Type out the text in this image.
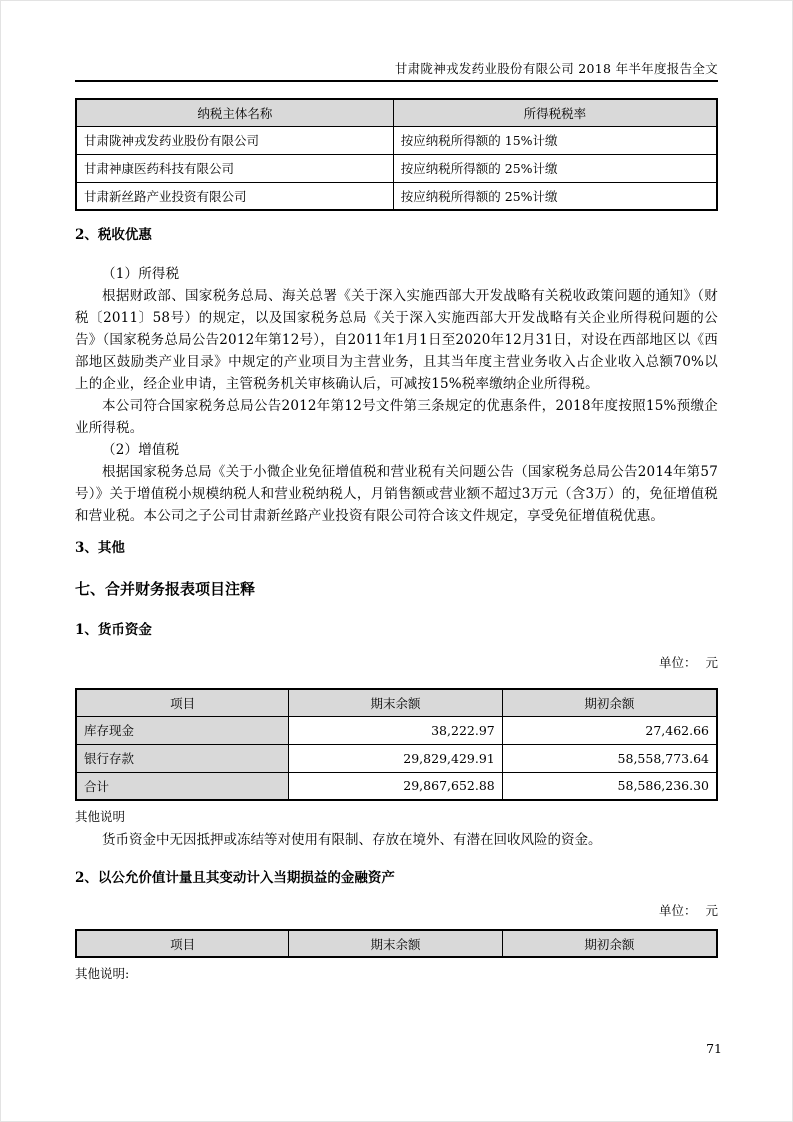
甘肃陇神戎发药业股份有限公司 2018 年半年度报告全文
纳税主体名称	所得税税率
甘肃陇神戎发药业股份有限公司	按应纳税所得额的 15%计缴
甘肃神康医药科技有限公司	按应纳税所得额的 25%计缴
甘肃新丝路产业投资有限公司	按应纳税所得额的 25%计缴
2、税收优惠
（1）所得税
根据财政部、国家税务总局、海关总署《关于深入实施西部大开发战略有关税收政策问题的通知》（财税〔2011〕58号）的规定，以及国家税务总局《关于深入实施西部大开发战略有关企业所得税问题的公告》（国家税务总局公告2012年第12号），自2011年1月1日至2020年12月31日，对设在西部地区以《西部地区鼓励类产业目录》中规定的产业项目为主营业务，且其当年度主营业务收入占企业收入总额70%以上的企业，经企业申请，主管税务机关审核确认后，可减按15%税率缴纳企业所得税。
本公司符合国家税务总局公告2012年第12号文件第三条规定的优惠条件，2018年度按照15%预缴企业所得税。
（2）增值税
根据国家税务总局《关于小微企业免征增值税和营业税有关问题公告（国家税务总局公告2014年第57号）》关于增值税小规模纳税人和营业税纳税人，月销售额或营业额不超过3万元（含3万）的，免征增值税和营业税。本公司之子公司甘肃新丝路产业投资有限公司符合该文件规定，享受免征增值税优惠。
3、其他
七、合并财务报表项目注释
1、货币资金
单位： 元
项目	期末余额	期初余额
库存现金	38,222.97	27,462.66
银行存款	29,829,429.91	58,558,773.64
合计	29,867,652.88	58,586,236.30
其他说明
货币资金中无因抵押或冻结等对使用有限制、存放在境外、有潜在回收风险的资金。
2、以公允价值计量且其变动计入当期损益的金融资产
单位： 元
项目	期末余额	期初余额
其他说明:
71
